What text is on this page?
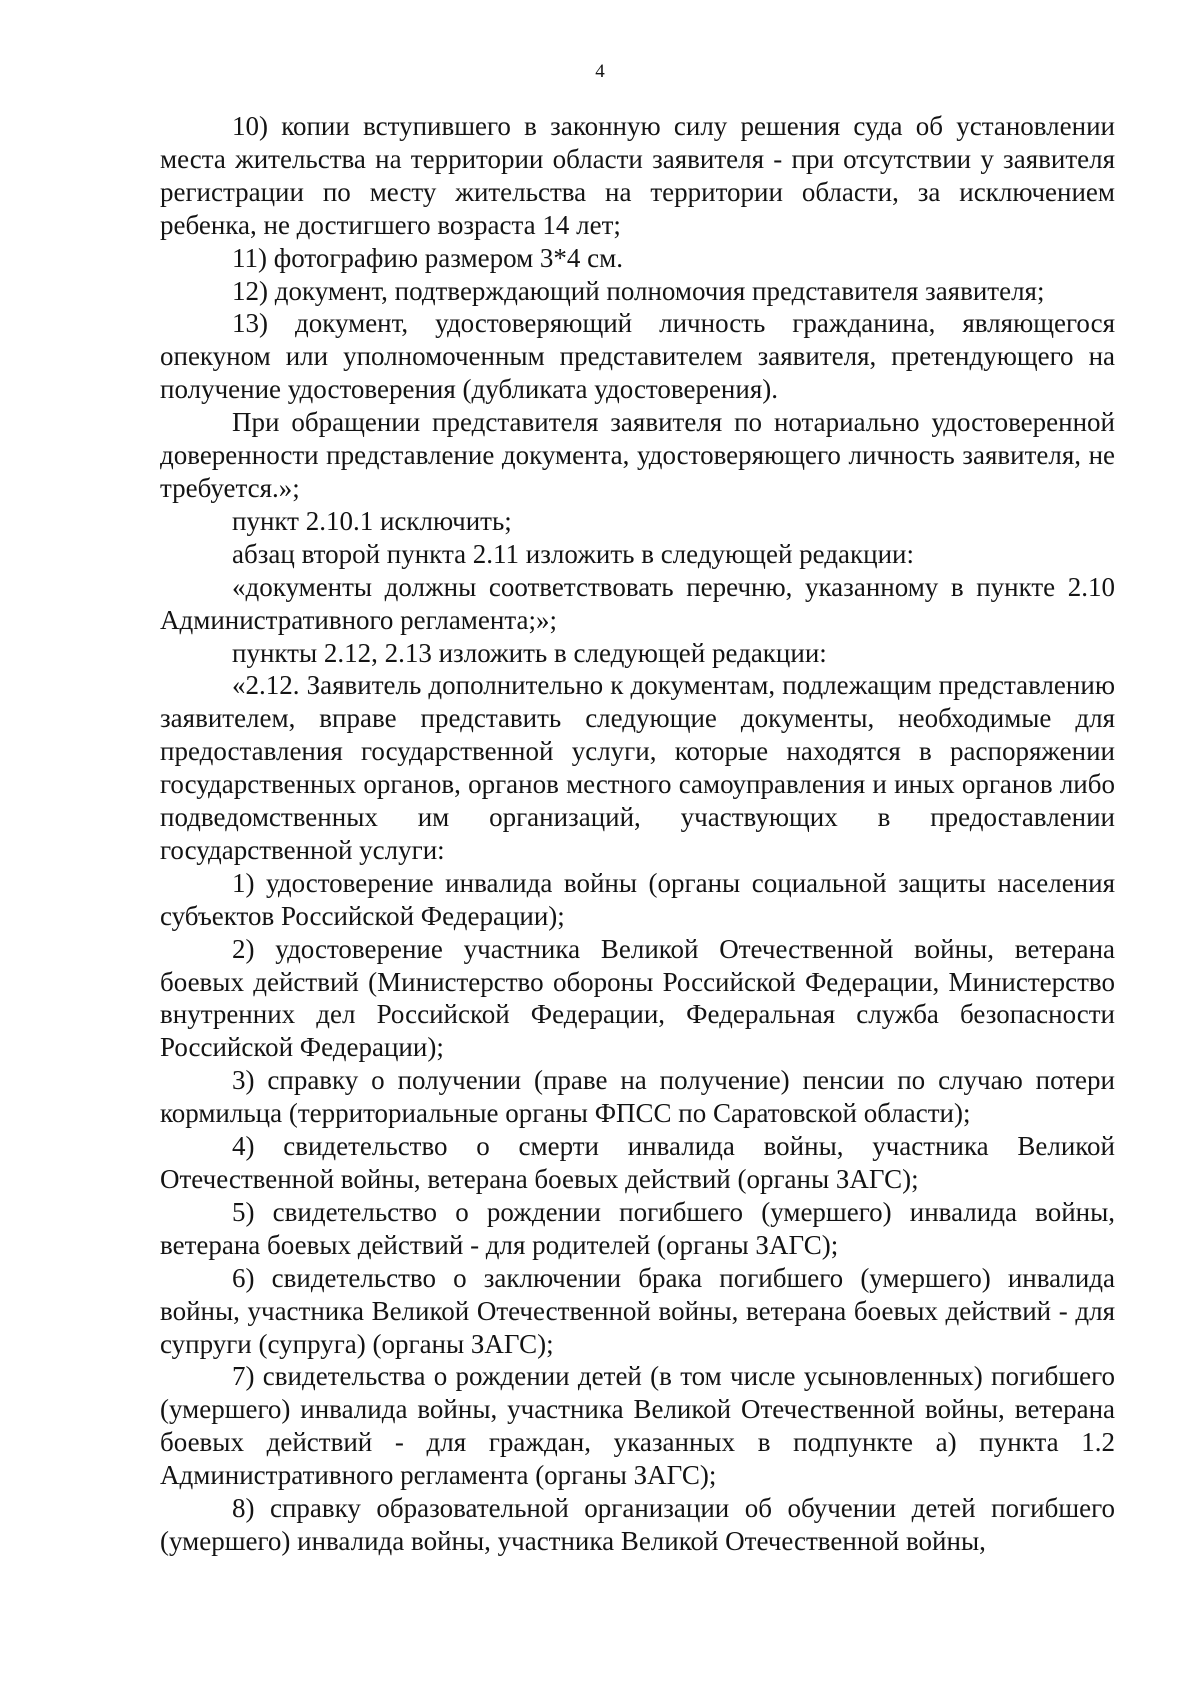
4

10) копии вступившего в законную силу решения суда об установлении места жительства на территории области заявителя - при отсутствии у заявителя регистрации по месту жительства на территории области, за исключением ребенка, не достигшего возраста 14 лет;

11) фотографию размером 3*4 см.

12) документ, подтверждающий полномочия представителя заявителя;

13) документ, удостоверяющий личность гражданина, являющегося опекуном или уполномоченным представителем заявителя, претендующего на получение удостоверения (дубликата удостоверения).

При обращении представителя заявителя по нотариально удостоверенной доверенности представление документа, удостоверяющего личность заявителя, не требуется.»;

пункт 2.10.1 исключить;

абзац второй пункта 2.11 изложить в следующей редакции:

«документы должны соответствовать перечню, указанному в пункте 2.10 Административного регламента;»;

пункты 2.12, 2.13 изложить в следующей редакции:

«2.12. Заявитель дополнительно к документам, подлежащим представлению заявителем, вправе представить следующие документы, необходимые для предоставления государственной услуги, которые находятся в распоряжении государственных органов, органов местного самоуправления и иных органов либо подведомственных им организаций, участвующих в предоставлении государственной услуги:

1) удостоверение инвалида войны (органы социальной защиты населения субъектов Российской Федерации);

2) удостоверение участника Великой Отечественной войны, ветерана боевых действий (Министерство обороны Российской Федерации, Министерство внутренних дел Российской Федерации, Федеральная служба безопасности Российской Федерации);

3) справку о получении (праве на получение) пенсии по случаю потери кормильца (территориальные органы ФПСС по Саратовской области);

4) свидетельство о смерти инвалида войны, участника Великой Отечественной войны, ветерана боевых действий (органы ЗАГС);

5) свидетельство о рождении погибшего (умершего) инвалида войны, ветерана боевых действий - для родителей (органы ЗАГС);

6) свидетельство о заключении брака погибшего (умершего) инвалида войны, участника Великой Отечественной войны, ветерана боевых действий - для супруги (супруга) (органы ЗАГС);

7) свидетельства о рождении детей (в том числе усыновленных) погибшего (умершего) инвалида войны, участника Великой Отечественной войны, ветерана боевых действий - для граждан, указанных в подпункте а) пункта 1.2 Административного регламента (органы ЗАГС);

8) справку образовательной организации об обучении детей погибшего (умершего) инвалида войны, участника Великой Отечественной войны,
